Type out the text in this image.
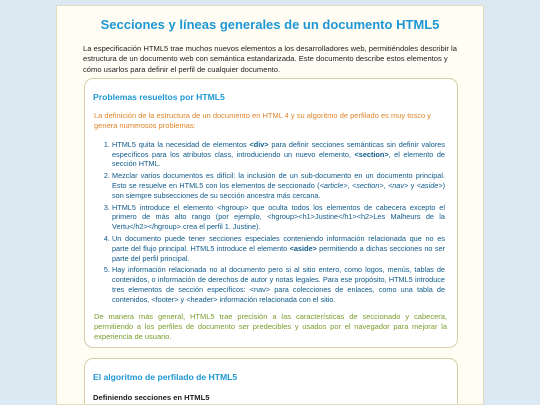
Secciones y líneas generales de un documento HTML5

La especificación HTML5 trae muchos nuevos elementos a los desarrolladores web, permitiéndoles describir la estructura de un documento web con semántica estandarizada. Este documento describe estos elementos y cómo usarlos para definir el perfil de cualquier documento.

Problemas resueltos por HTML5

La definición de la estructura de un documento en HTML 4 y su algoritmo de perfilado es muy tosco y genera numerosos problemas:

1. HTML5 quita la necesidad de elementos <div> para definir secciones semánticas sin definir valores específicos para los atributos class, introduciendo un nuevo elemento, <section>, el elemento de sección HTML.
2. Mezclar varios documentos es difícil: la inclusión de un sub-documento en un documento principal. Esto se resuelve en HTML5 con los elementos de seccionado (<article>, <section>, <nav> y <aside>) son siempre subsecciones de su sección ancestra más cercana.
3. HTML5 introduce el elemento <hgroup> que oculta todos los elementos de cabecera excepto el primero de más alto rango (por ejemplo, <hgroup><h1>Justine</h1><h2>Les Malheurs de la Vertu</h2></hgroup> crea el perfil 1. Justine).
4. Un documento puede tener secciones especiales conteniendo información relacionada que no es parte del flujo principal. HTML5 introduce el elemento <aside> permitiendo a dichas secciones no ser parte del perfil principal.
5. Hay información relacionada no al documento pero si al sitio entero, como logos, menús, tablas de contenidos, o información de derechos de autor y notas legales. Para ese propósito, HTML5 introduce tres elementos de sección específicos: <nav> para colecciones de enlaces, como una tabla de contenidos, <footer> y <header> información relacionada con el sitio.

De manera más general, HTML5 trae precisión a las características de seccionado y cabecera, permitiendo a los perfiles de documento ser predecibles y usados por el navegador para mejorar la experiencia de usuario.

El algoritmo de perfilado de HTML5
Definiendo secciones en HTML5
